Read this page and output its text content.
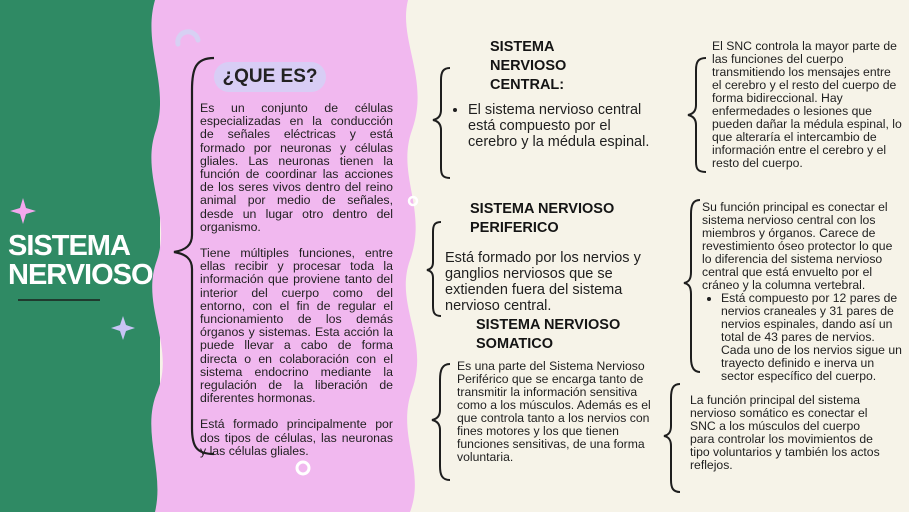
SISTEMA
NERVIOSO
¿QUE ES?

Es un conjunto de células especializadas en la conducción de señales eléctricas y está formado por neuronas y células gliales. Las neuronas tienen la función de coordinar las acciones de los seres vivos dentro del reino animal por medio de señales, desde un lugar otro dentro del organismo.

Tiene múltiples funciones, entre ellas recibir y procesar toda la información que proviene tanto del interior del cuerpo como del entorno, con el fin de regular el funcionamiento de los demás órganos y sistemas. Esta acción la puede llevar a cabo de forma directa o en colaboración con el sistema endocrino mediante la regulación de la liberación de diferentes hormonas.

Está formado principalmente por dos tipos de células, las neuronas y las células gliales.

SISTEMA
NERVIOSO
CENTRAL:
• El sistema nervioso central está compuesto por el cerebro y la médula espinal.
El SNC controla la mayor parte de las funciones del cuerpo transmitiendo los mensajes entre el cerebro y el resto del cuerpo de forma bidireccional. Hay enfermedades o lesiones que pueden dañar la médula espinal, lo que alteraría el intercambio de información entre el cerebro y el resto del cuerpo.
SISTEMA NERVIOSO
PERIFERICO
Está formado por los nervios y ganglios nerviosos que se extienden fuera del sistema nervioso central.
Su función principal es conectar el sistema nervioso central con los miembros y órganos. Carece de revestimiento óseo protector lo que lo diferencia del sistema nervioso central que está envuelto por el cráneo y la columna vertebral.
• Está compuesto por 12 pares de nervios craneales y 31 pares de nervios espinales, dando así un total de 43 pares de nervios. Cada uno de los nervios sigue un trayecto definido e inerva un sector específico del cuerpo.
SISTEMA NERVIOSO
SOMATICO
Es una parte del Sistema Nervioso Periférico que se encarga tanto de transmitir la información sensitiva como a los músculos. Además es el que controla tanto a los nervios con fines motores y los que tienen funciones sensitivas, de una forma voluntaria.
La función principal del sistema nervioso somático es conectar el SNC a los músculos del cuerpo para controlar los movimientos de tipo voluntarios y también los actos reflejos.
